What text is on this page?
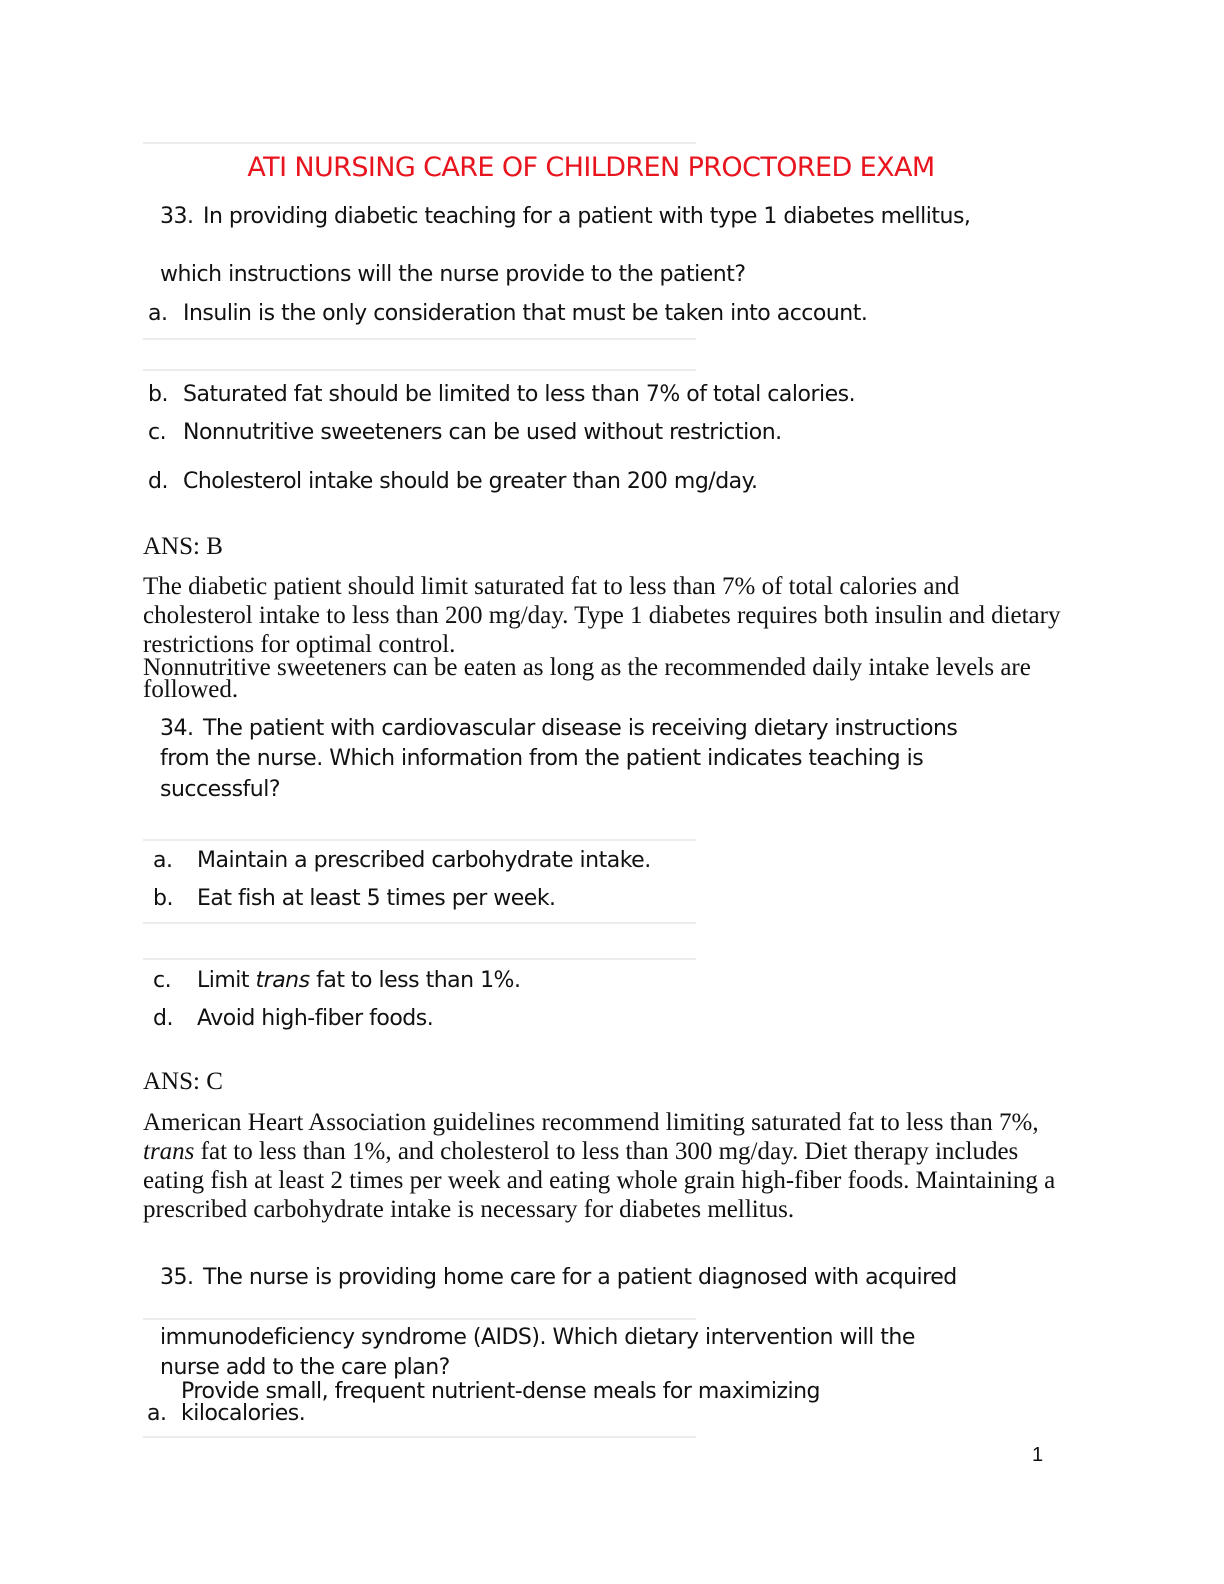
ATI NURSING CARE OF CHILDREN PROCTORED EXAM
33. In providing diabetic teaching for a patient with type 1 diabetes mellitus,
which instructions will the nurse provide to the patient?
a. Insulin is the only consideration that must be taken into account.
b. Saturated fat should be limited to less than 7% of total calories.
c. Nonnutritive sweeteners can be used without restriction.
d. Cholesterol intake should be greater than 200 mg/day.
ANS: B
The diabetic patient should limit saturated fat to less than 7% of total calories and cholesterol intake to less than 200 mg/day. Type 1 diabetes requires both insulin and dietary restrictions for optimal control.
Nonnutritive sweeteners can be eaten as long as the recommended daily intake levels are followed.
34. The patient with cardiovascular disease is receiving dietary instructions
from the nurse. Which information from the patient indicates teaching is
successful?
a. Maintain a prescribed carbohydrate intake.
b. Eat fish at least 5 times per week.
c. Limit trans fat to less than 1%.
d. Avoid high-fiber foods.
ANS: C
American Heart Association guidelines recommend limiting saturated fat to less than 7%, trans fat to less than 1%, and cholesterol to less than 300 mg/day. Diet therapy includes eating fish at least 2 times per week and eating whole grain high-fiber foods. Maintaining a prescribed carbohydrate intake is necessary for diabetes mellitus.
35. The nurse is providing home care for a patient diagnosed with acquired
immunodeficiency syndrome (AIDS). Which dietary intervention will the
nurse add to the care plan?
Provide small, frequent nutrient-dense meals for maximizing
a. kilocalories.
1
